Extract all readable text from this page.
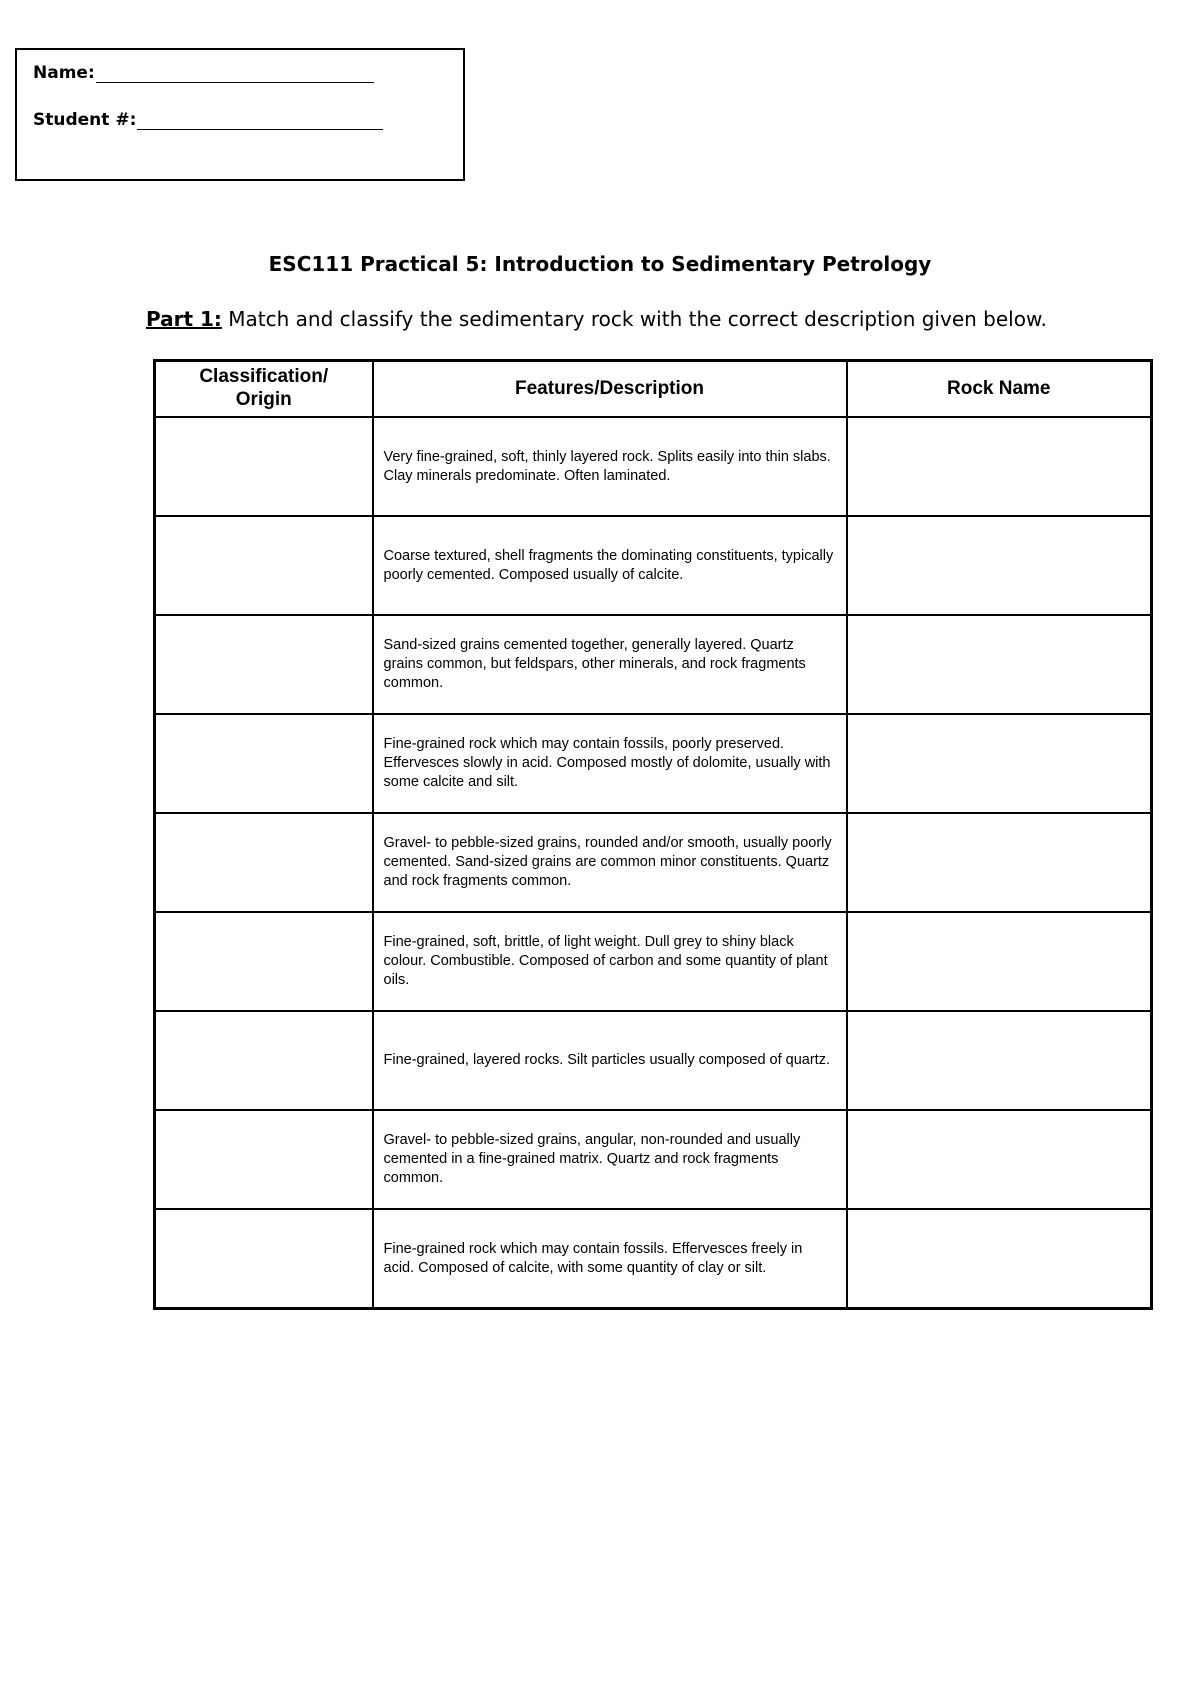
Name:
Student #:
ESC111 Practical 5: Introduction to Sedimentary Petrology
Part 1: Match and classify the sedimentary rock with the correct description given below.
Classification/ Origin	Features/Description	Rock Name
	Very fine-grained, soft, thinly layered rock. Splits easily into thin slabs. Clay minerals predominate. Often laminated.	
	Coarse textured, shell fragments the dominating constituents, typically poorly cemented. Composed usually of calcite.	
	Sand-sized grains cemented together, generally layered. Quartz grains common, but feldspars, other minerals, and rock fragments common.	
	Fine-grained rock which may contain fossils, poorly preserved. Effervesces slowly in acid. Composed mostly of dolomite, usually with some calcite and silt.	
	Gravel- to pebble-sized grains, rounded and/or smooth, usually poorly cemented. Sand-sized grains are common minor constituents. Quartz and rock fragments common.	
	Fine-grained, soft, brittle, of light weight. Dull grey to shiny black colour. Combustible. Composed of carbon and some quantity of plant oils.	
	Fine-grained, layered rocks. Silt particles usually composed of quartz.	
	Gravel- to pebble-sized grains, angular, non-rounded and usually cemented in a fine-grained matrix. Quartz and rock fragments common.	
	Fine-grained rock which may contain fossils. Effervesces freely in acid. Composed of calcite, with some quantity of clay or silt.	
